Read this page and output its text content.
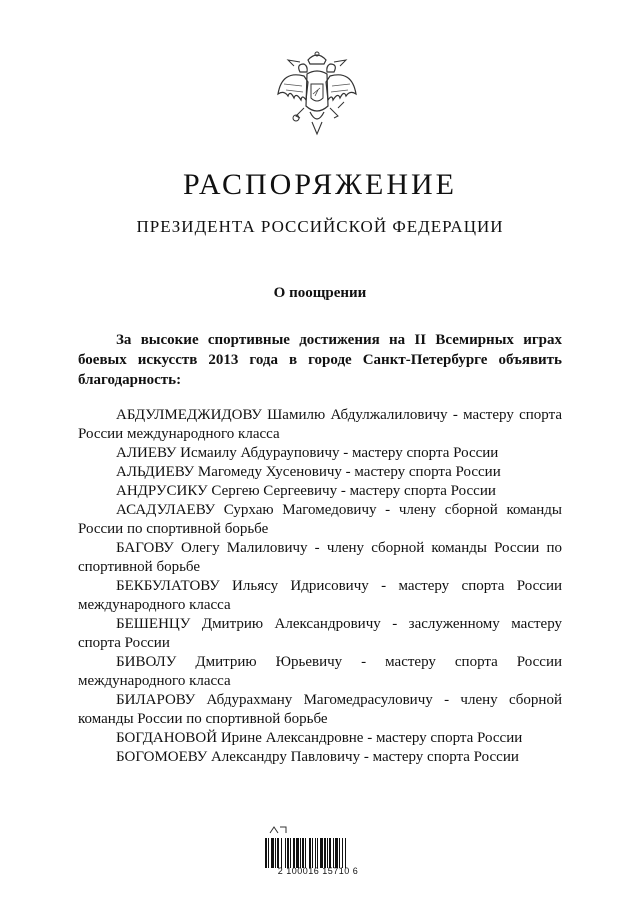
РАСПОРЯЖЕНИЕ
ПРЕЗИДЕНТА РОССИЙСКОЙ ФЕДЕРАЦИИ
О поощрении

За высокие спортивные достижения на II Всемирных играх боевых искусств 2013 года в городе Санкт-Петербурге объявить благодарность:

АБДУЛМЕДЖИДОВУ Шамилю Абдулжалиловичу - мастеру спорта России международного класса

АЛИЕВУ Исмаилу Абдурауповичу - мастеру спорта России

АЛЬДИЕВУ Магомеду Хусеновичу - мастеру спорта России

АНДРУСИКУ Сергею Сергеевичу - мастеру спорта России

АСАДУЛАЕВУ Сурхаю Магомедовичу - члену сборной команды России по спортивной борьбе

БАГОВУ Олегу Малиловичу - члену сборной команды России по спортивной борьбе

БЕКБУЛАТОВУ Ильясу Идрисовичу - мастеру спорта России международного класса

БЕШЕНЦУ Дмитрию Александровичу - заслуженному мастеру спорта России

БИВОЛУ Дмитрию Юрьевичу - мастеру спорта России международного класса

БИЛАРОВУ Абдурахману Магомедрасуловичу - члену сборной команды России по спортивной борьбе

БОГДАНОВОЙ Ирине Александровне - мастеру спорта России

БОГОМОЕВУ Александру Павловичу - мастеру спорта России

2 100016 15710 6
